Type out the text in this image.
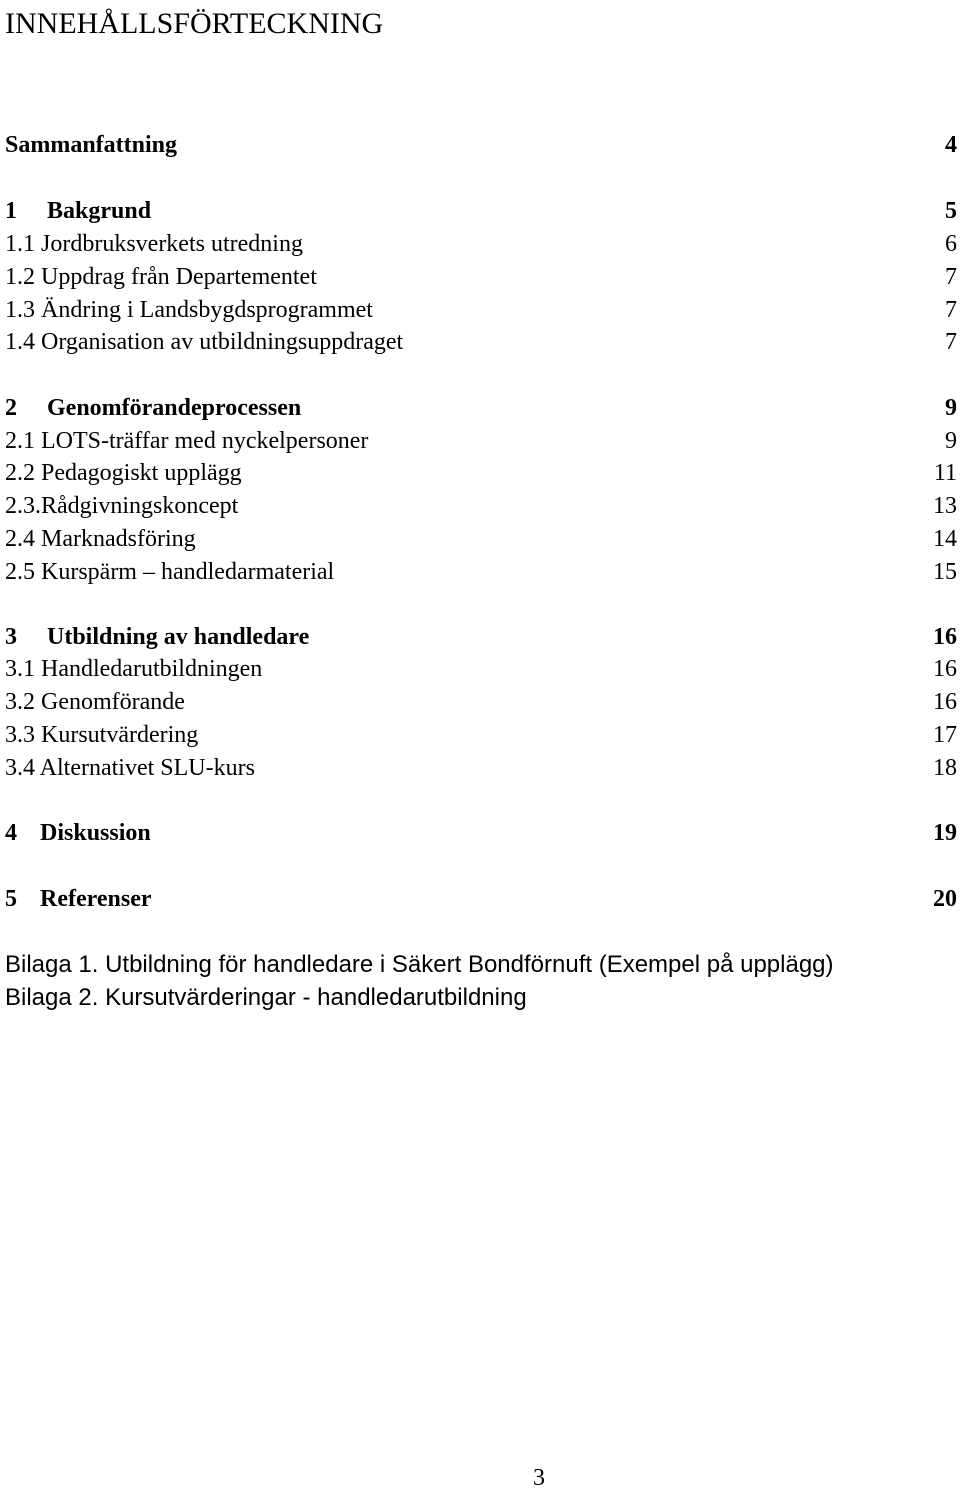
INNEHÅLLSFÖRTECKNING
Sammanfattning	4
1 Bakgrund	5
1.1 Jordbruksverkets utredning	6
1.2 Uppdrag från Departementet	7
1.3 Ändring i Landsbygdsprogrammet	7
1.4 Organisation av utbildningsuppdraget	7
2 Genomförandeprocessen	9
2.1 LOTS-träffar med nyckelpersoner	9
2.2 Pedagogiskt upplägg	11
2.3.Rådgivningskoncept	13
2.4 Marknadsföring	14
2.5 Kurspärm – handledarmaterial	15
3 Utbildning av handledare	16
3.1 Handledarutbildningen	16
3.2 Genomförande	16
3.3 Kursutvärdering	17
3.4 Alternativet SLU-kurs	18
4 Diskussion	19
5 Referenser	20
Bilaga 1. Utbildning för handledare i Säkert Bondförnuft (Exempel på upplägg)
Bilaga 2. Kursutvärderingar - handledarutbildning
3
